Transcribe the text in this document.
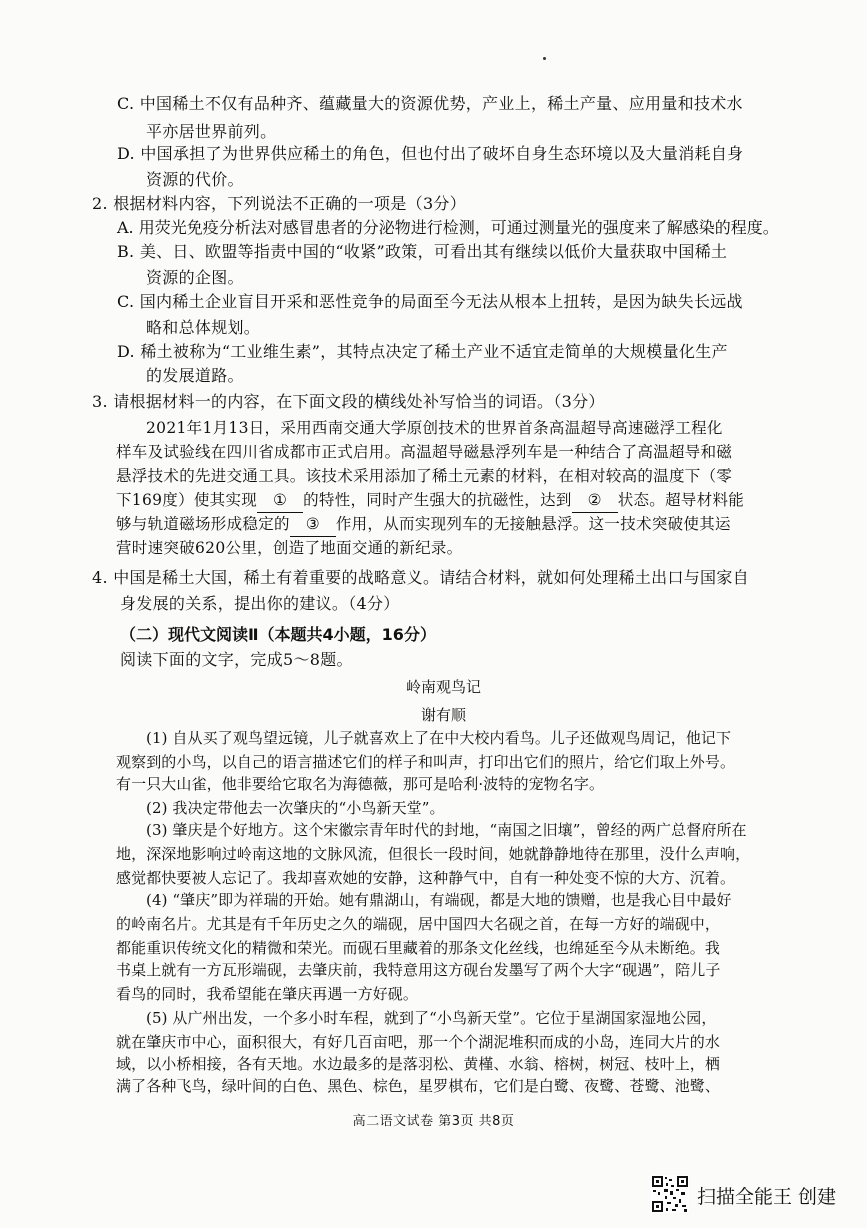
C. 中国稀土不仅有品种齐、蕴藏量大的资源优势，产业上，稀土产量、应用量和技术水
平亦居世界前列。
D. 中国承担了为世界供应稀土的角色，但也付出了破坏自身生态环境以及大量消耗自身
资源的代价。
2. 根据材料内容，下列说法不正确的一项是（3分）
A. 用荧光免疫分析法对感冒患者的分泌物进行检测，可通过测量光的强度来了解感染的程度。
B. 美、日、欧盟等指责中国的“收紧”政策，可看出其有继续以低价大量获取中国稀土
资源的企图。
C. 国内稀土企业盲目开采和恶性竞争的局面至今无法从根本上扭转，是因为缺失长远战
略和总体规划。
D. 稀土被称为“工业维生素”，其特点决定了稀土产业不适宜走简单的大规模量化生产
的发展道路。
3. 请根据材料一的内容，在下面文段的横线处补写恰当的词语。（3分）
2021年1月13日，采用西南交通大学原创技术的世界首条高温超导高速磁浮工程化
样车及试验线在四川省成都市正式启用。高温超导磁悬浮列车是一种结合了高温超导和磁
悬浮技术的先进交通工具。该技术采用添加了稀土元素的材料，在相对较高的温度下（零
下169度）使其实现 ① 的特性，同时产生强大的抗磁性，达到 ② 状态。超导材料能
够与轨道磁场形成稳定的 ③ 作用，从而实现列车的无接触悬浮。这一技术突破使其运
营时速突破620公里，创造了地面交通的新纪录。
4. 中国是稀土大国，稀土有着重要的战略意义。请结合材料，就如何处理稀土出口与国家自
身发展的关系，提出你的建议。（4分）
（二）现代文阅读Ⅱ（本题共4小题，16分）
阅读下面的文字，完成5～8题。
岭南观鸟记
谢有顺
(1) 自从买了观鸟望远镜，儿子就喜欢上了在中大校内看鸟。儿子还做观鸟周记，他记下
观察到的小鸟，以自己的语言描述它们的样子和叫声，打印出它们的照片，给它们取上外号。
有一只大山雀，他非要给它取名为海德薇，那可是哈利·波特的宠物名字。
(2) 我决定带他去一次肇庆的“小鸟新天堂”。
(3) 肇庆是个好地方。这个宋徽宗青年时代的封地，“南国之旧壤”，曾经的两广总督府所在
地，深深地影响过岭南这地的文脉风流，但很长一段时间，她就静静地待在那里，没什么声响，
感觉都快要被人忘记了。我却喜欢她的安静，这种静气中，自有一种处变不惊的大方、沉着。
(4) “肇庆”即为祥瑞的开始。她有鼎湖山，有端砚，都是大地的馈赠，也是我心目中最好
的岭南名片。尤其是有千年历史之久的端砚，居中国四大名砚之首，在每一方好的端砚中，
都能重识传统文化的精微和荣光。而砚石里藏着的那条文化丝线，也绵延至今从未断绝。我
书桌上就有一方瓦形端砚，去肇庆前，我特意用这方砚台发墨写了两个大字“砚遇”，陪儿子
看鸟的同时，我希望能在肇庆再遇一方好砚。
(5) 从广州出发，一个多小时车程，就到了“小鸟新天堂”。它位于星湖国家湿地公园，
就在肇庆市中心，面积很大，有好几百亩吧，那一个个湖泥堆积而成的小岛，连同大片的水
域，以小桥相接，各有天地。水边最多的是落羽松、黄槿、水翁、榕树，树冠、枝叶上，栖
满了各种飞鸟，绿叶间的白色、黑色、棕色，星罗棋布，它们是白鹭、夜鹭、苍鹭、池鹭、
高二语文试卷 第3页 共8页
扫描全能王 创建
